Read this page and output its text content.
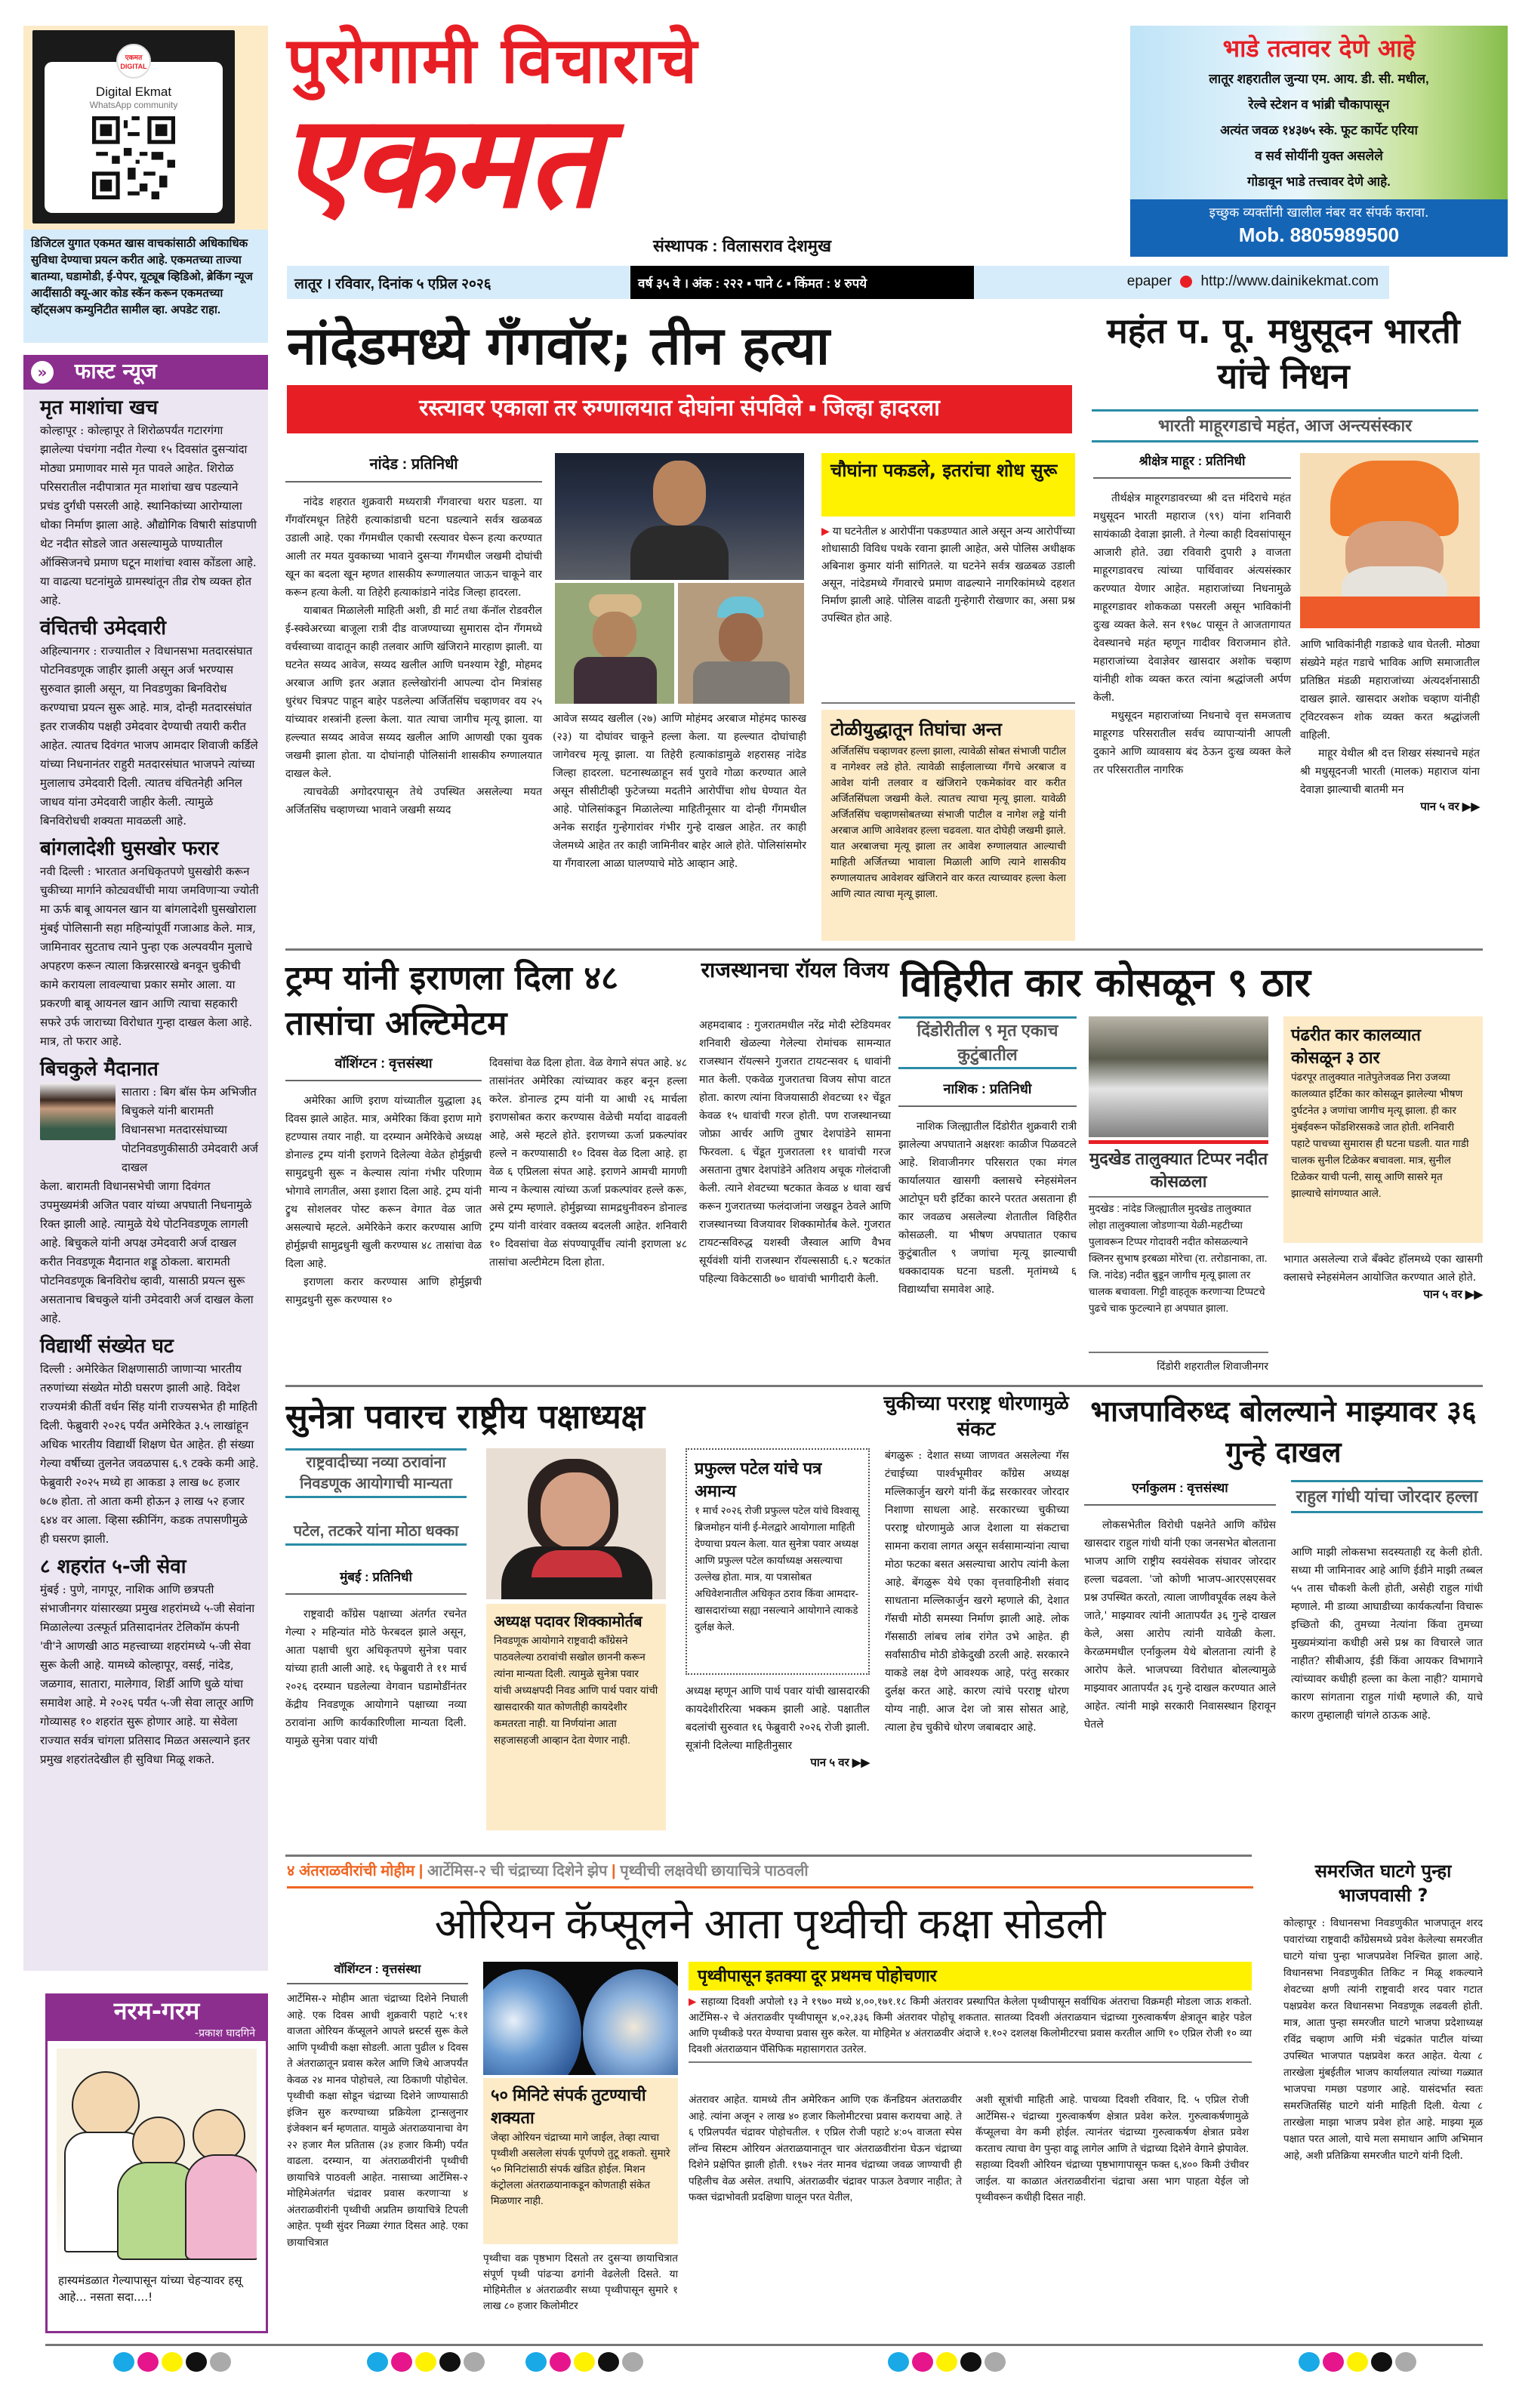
एकमत DIGITAL
Digital Ekmat
WhatsApp community
डिजिटल युगात एकमत खास वाचकांसाठी अधिकाधिक सुविधा देण्याचा प्रयत्न करीत आहे. एकमतच्या ताज्या बातम्या, घडामोडी, ई-पेपर, यूट्यूब व्हिडिओ, ब्रेकिंग न्यूज आदींसाठी क्यू-आर कोड स्कॅन करून एकमतच्या व्हॉट्सअप कम्युनिटीत सामील व्हा. अपडेट राहा.
पुरोगामी विचाराचे
एकमत
संस्थापक : विलासराव देशमुख
भाडे तत्वावर देणे आहे
लातूर शहरातील जुन्या एम. आय. डी. सी. मधील,
रेल्वे स्टेशन व भांब्री चौकापासून
अत्यंत जवळ १४३७५ स्के. फूट कार्पेट एरिया
व सर्व सोयींनी युक्त असलेले
गोडावून भाडे तत्त्वावर देणे आहे.
इच्छुक व्यक्तींनी खालील नंबर वर संपर्क करावा.
Mob. 8805989500
लातूर । रविवार, दिनांक ५ एप्रिल २०२६	वर्ष ३५ वे । अंक : २२२ ▪ पाने ८ ▪ किंमत : ४ रुपये	epaper http://www.dainikekmat.com
» फास्ट न्यूज
मृत माशांचा खच

कोल्हापूर : कोल्हापूर ते शिरोळपर्यंत गटारगंगा झालेल्या पंचगंगा नदीत गेल्या १५ दिवसांत दुसऱ्यांदा मोठ्या प्रमाणावर मासे मृत पावले आहेत. शिरोळ परिसरातील नदीपात्रात मृत माशांचा खच पडल्याने प्रचंड दुर्गंधी पसरली आहे. स्थानिकांच्या आरोग्याला धोका निर्माण झाला आहे. औद्योगिक विषारी सांडपाणी थेट नदीत सोडले जात असल्यामुळे पाण्यातील ऑक्सिजनचे प्रमाण घटून माशांचा श्वास कोंडला आहे. या वाढत्या घटनांमुळे ग्रामस्थांतून तीव्र रोष व्यक्त होत आहे.

वंचितची उमेदवारी

अहिल्यानगर : राज्यातील २ विधानसभा मतदारसंघात पोटनिवडणूक जाहीर झाली असून अर्ज भरण्यास सुरुवात झाली असून, या निवडणुका बिनविरोध करण्याचा प्रयत्न सुरू आहे. मात्र, दोन्ही मतदारसंघांत इतर राजकीय पक्षही उमेदवार देण्याची तयारी करीत आहेत. त्यातच दिवंगत भाजप आमदार शिवाजी कर्डिले यांच्या निधनानंतर राहुरी मतदारसंघात भाजपने त्यांच्या मुलालाच उमेदवारी दिली. त्यातच वंचितनेही अनिल जाधव यांना उमेदवारी जाहीर केली. त्यामुळे बिनविरोधची शक्यता मावळली आहे.

बांगलादेशी घुसखोर फरार

नवी दिल्ली : भारतात अनधिकृतपणे घुसखोरी करून चुकीच्या मार्गाने कोट्यवधींची माया जमविणाऱ्या ज्योती मा ऊर्फ बाबू आयनल खान या बांगलादेशी घुसखोराला मुंबई पोलिसानी सहा महिन्यांपूर्वी गजाआड केले. मात्र, जामिनावर सुटताच त्याने पुन्हा एक अल्पवयीन मुलाचे अपहरण करून त्याला किन्नरसारखे बनवून चुकीची कामे करायला लावल्याचा प्रकार समोर आला. या प्रकरणी बाबू आयनल खान आणि त्याचा सहकारी सफरे उर्फ जाराच्या विरोधात गुन्हा दाखल केला आहे. मात्र, तो फरार आहे.

बिचकुले मैदानात

सातारा : बिग बॉस फेम अभिजीत बिचुकले यांनी बारामती विधानसभा मतदारसंघाच्या पोटनिवडणुकीसाठी उमेदवारी अर्ज दाखल

केला. बारामती विधानसभेची जागा दिवंगत उपमुख्यमंत्री अजित पवार यांच्या अपघाती निधनामुळे रिक्त झाली आहे. त्यामुळे येथे पोटनिवडणूक लागली आहे. बिचुकले यांनी अपक्ष उमेदवारी अर्ज दाखल करीत निवडणूक मैदानात शड्डू ठोकला. बारामती पोटनिवडणूक बिनविरोध व्हावी, यासाठी प्रयत्न सुरू असतानाच बिचकुले यांनी उमेदवारी अर्ज दाखल केला आहे.

विद्यार्थी संख्येत घट

दिल्ली : अमेरिकेत शिक्षणासाठी जाणाऱ्या भारतीय तरुणांच्या संख्येत मोठी घसरण झाली आहे. विदेश राज्यमंत्री कीर्ती वर्धन सिंह यांनी राज्यसभेत ही माहिती दिली. फेब्रुवारी २०२६ पर्यंत अमेरिकेत ३.५ लाखांहून अधिक भारतीय विद्यार्थी शिक्षण घेत आहेत. ही संख्या गेल्या वर्षीच्या तुलनेत जवळपास ६.९ टक्के कमी आहे. फेब्रुवारी २०२५ मध्ये हा आकडा ३ लाख ७८ हजार ७८७ होता. तो आता कमी होऊन ३ लाख ५२ हजार ६४४ वर आला. व्हिसा स्क्रीनिंग, कडक तपासणीमुळे ही घसरण झाली.

८ शहरांत ५-जी सेवा

मुंबई : पुणे, नागपूर, नाशिक आणि छत्रपती संभाजीनगर यांसारख्या प्रमुख शहरांमध्ये ५-जी सेवांना मिळालेल्या उत्स्फूर्त प्रतिसादानंतर टेलिकॉम कंपनी 'वी'ने आणखी आठ महत्त्वाच्या शहरांमध्ये ५-जी सेवा सुरू केली आहे. यामध्ये कोल्हापूर, वसई, नांदेड, जळगाव, सातारा, मालेगाव, शिर्डी आणि धुळे यांचा समावेश आहे. मे २०२६ पर्यंत ५-जी सेवा लातूर आणि गोव्यासह १० शहरांत सुरू होणार आहे. या सेवेला राज्यात सर्वत्र चांगला प्रतिसाद मिळत असल्याने इतर प्रमुख शहरांतदेखील ही सुविधा मिळू शकते.

नरम-गरम
-प्रकाश घादगिने
हास्यमंडळात गेल्यापासून यांच्या चेहऱ्यावर हसू आहे... नसता सदा....!
नांदेडमध्ये गँगवॉर; तीन हत्या
रस्त्यावर एकाला तर रुग्णालयात दोघांना संपविले ▪ जिल्हा हादरला
नांदेड : प्रतिनिधी

नांदेड शहरात शुक्रवारी मध्यरात्री गँगवारचा थरार घडला. या गँगवॉरमधून तिहेरी हत्याकांडाची घटना घडल्याने सर्वत्र खळबळ उडाली आहे. एका गँगमधील एकाची रस्त्यावर घेरून हत्या करण्यात आली तर मयत युवकाच्या भावाने दुसऱ्या गँगमधील जखमी दोघांची खून का बदला खून म्हणत शासकीय रूग्णालयात जाऊन चाकूने वार करून हत्या केली. या तिहेरी हत्याकांडाने नांदेड जिल्हा हादरला.

याबाबत मिळालेली माहिती अशी, डी मार्ट तथा कॅनॉल रोडवरील ई-स्क्वेअरच्या बाजूला रात्री दीड वाजण्याच्या सुमारास दोन गँगमध्ये वर्चस्वाच्या वादातून काही तलवार आणि खंजिराने मारहाण झाली. या घटनेत सय्यद आवेज, सय्यद खलील आणि घनश्याम रेड्डी, मोहमद अरबाज आणि इतर अज्ञात हल्लेखोरांनी आपल्या दोन मित्रांसह धुरंधर चित्रपट पाहून बाहेर पडलेल्या अर्जितसिंघ चव्हाणवर वय २५ यांच्यावर शस्त्रांनी हल्ला केला. यात त्याचा जागीच मृत्यू झाला. या हल्ल्यात सय्यद आवेज सय्यद खलील आणि आणखी एका युवक जखमी झाला होता. या दोघांनाही पोलिसांनी शासकीय रुग्णालयात दाखल केले.

त्याचवेळी अगोदरपासून तेथे उपस्थित असलेल्या मयत अर्जितसिंघ चव्हाणच्या भावाने जखमी सय्यद

आवेज सय्यद खलील (२७) आणि मोहंमद अरबाज मोहंमद फारुख (२३) या दोघांवर चाकूने हल्ला केला. या हल्ल्यात दोघांचाही जागेवरच मृत्यू झाला. या तिहेरी हत्याकांडामुळे शहरासह नांदेड जिल्हा हादरला. घटनास्थळाहून सर्व पुरावे गोळा करण्यात आले असून सीसीटीव्ही फुटेजच्या मदतीने आरोपींचा शोध घेण्यात येत आहे. पोलिसांकडून मिळालेल्या माहितीनूसार या दोन्ही गँगमधील अनेक सराईत गुन्हेगारांवर गंभीर गुन्हे दाखल आहेत. तर काही जेलमध्ये आहेत तर काही जामिनीवर बाहेर आले होते. पोलिसांसमोर या गँगवारला आळा घालण्याचे मोठे आव्हान आहे.

चौघांना पकडले, इतरांचा शोध सुरू

▶ या घटनेतील ४ आरोपींना पकडण्यात आले असून अन्य आरोपींच्या शोधासाठी विविध पथके रवाना झाली आहेत, असे पोलिस अधीक्षक अबिनाश कुमार यांनी सांगितले. या घटनेने सर्वत्र खळबळ उडाली असून, नांदेडमध्ये गँगवारचे प्रमाण वाढल्याने नागरिकांमध्ये दहशत निर्माण झाली आहे. पोलिस वाढती गुन्हेगारी रोखणार का, असा प्रश्न उपस्थित होत आहे.

टोळीयुद्धातून तिघांचा अन्त

अर्जितसिंघ चव्हाणवर हल्ला झाला, त्यावेळी सोबत संभाजी पाटील व नागेश्वर लडे होते. त्यावेळी साईलालाच्या गँगचे अरबाज व आवेश यांनी तलवार व खंजिराने एकमेकांवर वार करीत अर्जितसिंघला जखमी केले. त्यातच त्याचा मृत्यू झाला. यावेळी अर्जितसिंघ चव्हाणसोबतच्या संभाजी पाटील व नागेश लड्डे यांनी अरबाज आणि आवेशवर हल्ला चढवला. यात दोघेही जखमी झाले. यात अरबाजचा मृत्यू झाला तर आवेश रुग्णालयात आल्याची माहिती अर्जितच्या भावाला मिळाली आणि त्याने शासकीय रुग्णालयातच आवेशवर खंजिराने वार करत त्याच्यावर हल्ला केला आणि त्यात त्याचा मृत्यू झाला.

महंत प. पू. मधुसूदन भारती यांचे निधन
भारती माहूरगडाचे महंत, आज अन्त्यसंस्कार
श्रीक्षेत्र माहूर : प्रतिनिधी

तीर्थक्षेत्र माहूरगडावरच्या श्री दत्त मंदिराचे महंत मधुसूदन भारती महाराज (९९) यांना शनिवारी सायंकाळी देवाज्ञा झाली. ते गेल्या काही दिवसांपासून आजारी होते. उद्या रविवारी दुपारी ३ वाजता माहूरगडावरच त्यांच्या पार्थिवावर अंत्यसंस्कार करण्यात येणार आहेत. महाराजांच्या निधनामुळे माहूरगडावर शोककळा पसरली असून भाविकांनी दुःख व्यक्त केले. सन १९७८ पासून ते आजतागायत देवस्थानचे महंत म्हणून गादीवर विराजमान होते. महाराजांच्या देवाज्ञेवर खासदार अशोक चव्हाण यांनीही शोक व्यक्त करत त्यांना श्रद्धांजली अर्पण केली.

मधुसूदन महाराजांच्या निधनाचे वृत्त समजताच माहूरगड परिसरातील सर्वच व्यापाऱ्यांनी आपली दुकाने आणि व्यावसाय बंद ठेऊन दुःख व्यक्त केले तर परिसरातील नागरिक

आणि भाविकांनीही गडाकडे धाव घेतली. मोठ्या संख्येने महंत गडाचे भाविक आणि समाजातील प्रतिष्ठित मंडळी महाराजांच्या अंत्यदर्शनासाठी दाखल झाले. खासदार अशोक चव्हाण यांनीही ट्विटरवरून शोक व्यक्त करत श्रद्धांजली वाहिली.

माहूर येथील श्री दत्त शिखर संस्थानचे महंत श्री मधुसूदनजी भारती (मालक) महाराज यांना देवाज्ञा झाल्याची बातमी मन

पान ५ वर ▶▶
ट्रम्प यांनी इराणला दिला ४८ तासांचा अल्टिमेटम
वॉशिंग्टन : वृत्तसंस्था

अमेरिका आणि इराण यांच्यातील युद्धाला ३६ दिवस झाले आहेत. मात्र, अमेरिका किंवा इराण मागे हटण्यास तयार नाही. या दरम्यान अमेरिकेचे अध्यक्ष डोनाल्ड ट्रम्प यांनी इराणने दिलेल्या वेळेत होर्मुझची सामुद्रधुनी सुरू न केल्यास त्यांना गंभीर परिणाम भोगावे लागतील, असा इशारा दिला आहे. ट्रम्प यांनी ट्रुथ सोशलवर पोस्ट करून वेगात वेळ जात असल्याचे म्हटले. अमेरिकेने करार करण्यास आणि होर्मुझची सामुद्रधुनी खुली करण्यास ४८ तासांचा वेळ दिला आहे.

इराणला करार करण्यास आणि होर्मुझची सामुद्रधुनी सुरू करण्यास १०

दिवसांचा वेळ दिला होता. वेळ वेगाने संपत आहे. ४८ तासांनंतर अमेरिका त्यांच्यावर कहर बनून हल्ला करेल. डोनाल्ड ट्रम्प यांनी या आधी २६ मार्चला इराणसोबत करार करण्यास वेळेची मर्यादा वाढवली आहे, असे म्हटले होते. इराणच्या ऊर्जा प्रकल्पांवर हल्ले न करण्यासाठी १० दिवस वेळ दिला आहे. हा वेळ ६ एप्रिलला संपत आहे. इराणने आमची मागणी मान्य न केल्यास त्यांच्या ऊर्जा प्रकल्पांवर हल्ले करू, असे ट्रम्प म्हणाले. होर्मुझच्या सामद्रधुनीवरुन डोनाल्ड ट्रम्प यांनी वारंवार वक्तव्य बदलली आहेत. शनिवारी १० दिवसांचा वेळ संपण्यापूर्वीच त्यांनी इराणला ४८ तासांचा अल्टीमेटम दिला होता.

राजस्थानचा रॉयल विजय

अहमदाबाद : गुजरातमधील नरेंद्र मोदी स्टेडियमवर शनिवारी खेळल्या गेलेल्या रोमांचक सामन्यात राजस्थान रॉयल्सने गुजरात टायटन्सवर ६ धावांनी मात केली. एकवेळ गुजरातचा विजय सोपा वाटत होता. कारण त्यांना विजयासाठी शेवटच्या १२ चेंडूत केवळ १५ धावांची गरज होती. पण राजस्थानच्या जोफ्रा आर्चर आणि तुषार देशपांडेने सामना फिरवला. ६ चेंडूत गुजरातला ११ धावांची गरज असताना तुषार देशपांडेने अतिशय अचूक गोलंदाजी केली. त्याने शेवटच्या षटकात केवळ ४ धावा खर्च करून गुजरातच्या फलंदाजांना जखडून ठेवले आणि राजस्थानच्या विजयावर शिक्कामोर्तब केले. गुजरात टायटन्सविरुद्ध यशस्वी जैस्वाल आणि वैभव सूर्यवंशी यांनी राजस्थान रॉयल्ससाठी ६.२ षटकांत पहिल्या विकेटसाठी ७० धावांची भागीदारी केली.

विहिरीत कार कोसळून ९ ठार
दिंडोरीतील ९ मृत एकाच कुटुंबातील
नाशिक : प्रतिनिधी

नाशिक जिल्ह्यातील दिंडोरीत शुक्रवारी रात्री झालेल्या अपघाताने अक्षरशः काळीज पिळवटले आहे. शिवाजीनगर परिसरात एका मंगल कार्यालयात खासगी क्लासचे स्नेहसंमेलन आटोपून घरी इर्टिका कारने परतत असताना ही कार जवळच असलेल्या शेतातील विहिरीत कोसळली. या भीषण अपघातात एकाच कुटुंबातील ९ जणांचा मृत्यू झाल्याची धक्कादायक घटना घडली. मृतांमध्ये ६ विद्यार्थ्यांचा समावेश आहे.

मुदखेड तालुक्यात टिप्पर नदीत कोसळला

मुदखेड : नांदेड जिल्ह्यातील मुदखेड तालुक्यात लोहा तालुक्याला जोडणाऱ्या येळी-महटीच्या पुलावरून टिप्पर गोदावरी नदीत कोसळल्याने क्लिनर सुभाष इरबळा मोरेचा (रा. तरोडानाका, ता. जि. नांदेड) नदीत बुडून जागीच मृत्यू झाला तर चालक बचावला. गिट्टी वाहतूक करणाऱ्या टिप्पटचे पुढचे चाक फुटल्याने हा अपघात झाला.

दिंडोरी शहरातील शिवाजीनगर

पंढरीत कार कालव्यात कोसळून ३ ठार

पंढरपूर तालुक्यात नातेपुतेजवळ निरा उजव्या कालव्यात इर्टिका कार कोसळून झालेल्या भीषण दुर्घटनेत ३ जणांचा जागीच मृत्यू झाला. ही कार मुंबईवरून फोंडशिरसकडे जात होती. शनिवारी पहाटे पाचच्या सुमारास ही घटना घडली. यात गाडी चालक सुनील टिळेकर बचावला. मात्र, सुनील टिळेकर याची पत्नी, सासू आणि सासरे मृत झाल्याचे सांगण्यात आले.

भागात असलेल्या राजे बँक्वेट हॉलमध्ये एका खासगी क्लासचे स्नेहसंमेलन आयोजित करण्यात आले होते.

पान ५ वर ▶▶
सुनेत्रा पवारच राष्ट्रीय पक्षाध्यक्ष
राष्ट्रवादीच्या नव्या ठरावांना निवडणूक आयोगाची मान्यता
पटेल, तटकरे यांना मोठा धक्का
मुंबई : प्रतिनिधी

राष्ट्रवादी काँग्रेस पक्षाच्या अंतर्गत रचनेत गेल्या २ महिन्यांत मोठे फेरबदल झाले असून, आता पक्षाची धुरा अधिकृतपणे सुनेत्रा पवार यांच्या हाती आली आहे. १६ फेब्रुवारी ते ११ मार्च २०२६ दरम्यान घडलेल्या वेगवान घडामोडींनंतर केंद्रीय निवडणूक आयोगाने पक्षाच्या नव्या ठरावांना आणि कार्यकारिणीला मान्यता दिली. यामुळे सुनेत्रा पवार यांची

अध्यक्ष पदावर शिक्कामोर्तब

निवडणूक आयोगाने राष्ट्रवादी काँग्रेसने पाठवलेल्या ठरावांची सखोल छाननी करून त्यांना मान्यता दिली. त्यामुळे सुनेत्रा पवार यांची अध्यक्षपदी निवड आणि पार्थ पवार यांची खासदारकी यात कोणतीही कायदेशीर कमतरता नाही. या निर्णयांना आता सहजासहजी आव्हान देता येणार नाही.

प्रफुल्ल पटेल यांचे पत्र अमान्य

१ मार्च २०२६ रोजी प्रफुल्ल पटेल यांचे विश्वासू ब्रिजमोहन यांनी ई-मेलद्वारे आयोगाला माहिती देण्याचा प्रयत्न केला. यात सुनेत्रा पवार अध्यक्ष आणि प्रफुल्ल पटेल कार्याध्यक्ष असल्याचा उल्लेख होता. मात्र, या पत्रासोबत अधिवेशनातील अधिकृत ठराव किंवा आमदार-खासदारांच्या सह्या नसल्याने आयोगाने त्याकडे दुर्लक्ष केले.

अध्यक्ष म्हणून आणि पार्थ पवार यांची खासदारकी कायदेशीररित्या भक्कम झाली आहे. पक्षातील बदलांची सुरुवात १६ फेब्रुवारी २०२६ रोजी झाली. सूत्रांनी दिलेल्या माहितीनुसार

पान ५ वर ▶▶
चुकीच्या परराष्ट्र धोरणामुळे संकट

बंगळुरू : देशात सध्या जाणवत असलेल्या गॅस टंचाईच्या पार्श्वभूमीवर काँग्रेस अध्यक्ष मल्लिकार्जुन खरगे यांनी केंद्र सरकारवर जोरदार निशाणा साधला आहे. सरकारच्या चुकीच्या परराष्ट्र धोरणामुळे आज देशाला या संकटाचा सामना करावा लागत असून सर्वसामान्यांना त्याचा मोठा फटका बसत असल्याचा आरोप त्यांनी केला आहे. बेंगळुरू येथे एका वृत्तवाहिनीशी संवाद साधताना मल्लिकार्जुन खरगे म्हणाले की, देशात गॅसची मोठी समस्या निर्माण झाली आहे. लोक गॅससाठी लांबच लांब रांगेत उभे आहेत. ही सर्वांसाठीच मोठी डोकेदुखी ठरली आहे. सरकारने याकडे लक्ष देणे आवश्यक आहे, परंतु सरकार दुर्लक्ष करत आहे. कारण त्यांचे परराष्ट्र धोरण योग्य नाही. आज देश जो त्रास सोसत आहे, त्याला हेच चुकीचे धोरण जबाबदार आहे.

भाजपाविरुध्द बोलल्याने माझ्यावर ३६ गुन्हे दाखल
एर्नाकुलम : वृत्तसंस्था

लोकसभेतील विरोधी पक्षनेते आणि काँग्रेस खासदार राहुल गांधी यांनी एका जनसभेत बोलताना भाजप आणि राष्ट्रीय स्वयंसेवक संघावर जोरदार हल्ला चढवला. 'जो कोणी भाजप-आरएसएसवर प्रश्न उपस्थित करतो, त्याला जाणीवपूर्वक लक्ष्य केले जाते,' माझ्यावर त्यांनी आतापर्यंत ३६ गुन्हे दाखल केले, असा आरोप त्यांनी यावेळी केला. केरळममधील एर्नाकुलम येथे बोलताना त्यांनी हे आरोप केले. भाजपच्या विरोधात बोलल्यामुळे माझ्यावर आतापर्यंत ३६ गुन्हे दाखल करण्यात आले आहेत. त्यांनी माझे सरकारी निवासस्थान हिरावून घेतले

राहुल गांधी यांचा जोरदार हल्ला

आणि माझी लोकसभा सदस्यताही रद्द केली होती. सध्या मी जामिनावर आहे आणि ईडीने माझी तब्बल ५५ तास चौकशी केली होती, असेही राहुल गांधी म्हणाले. मी डाव्या आघाडीच्या कार्यकर्त्यांना विचारू इच्छितो की, तुमच्या नेत्यांना किंवा तुमच्या मुख्यमंत्र्यांना कधीही असे प्रश्न का विचारले जात नाहीत? सीबीआय, ईडी किंवा आयकर विभागाने त्यांच्यावर कधीही हल्ला का केला नाही? यामागचे कारण सांगताना राहुल गांधी म्हणाले की, याचे कारण तुम्हालाही चांगले ठाऊक आहे.

४ अंतराळवीरांची मोहीम | आर्टेमिस-२ ची चंद्राच्या दिशेने झेप | पृथ्वीची लक्षवेधी छायाचित्रे पाठवली
ओरियन कॅप्सूलने आता पृथ्वीची कक्षा सोडली
वॉशिंग्टन : वृत्तसंस्था

आर्टेमिस-२ मोहीम आता चंद्राच्या दिशेने निघाली आहे. एक दिवस आधी शुक्रवारी पहाटे ५:११ वाजता ओरियन कॅप्सूलने आपले थ्रस्टर्स सुरू केले आणि पृथ्वीची कक्षा सोडली. आता पुढील ४ दिवस ते अंतराळातून प्रवास करेल आणि जिथे आजपर्यंत केवळ २४ मानव पोहोचले, त्या ठिकाणी पोहोचेल. पृथ्वीची कक्षा सोडून चंद्राच्या दिशेने जाण्यासाठी इंजिन सुरु करण्याच्या प्रक्रियेला ट्रान्सलुनार इंजेक्शन बर्न म्हणतात. यामुळे अंतराळयानाचा वेग २२ हजार मैल प्रतितास (३४ हजार किमी) पर्यंत वाढला. दरम्यान, या अंतराळवीरांनी पृथ्वीची छायाचित्रे पाठवली आहेत. नासाच्या आर्टेमिस-२ मोहिमेअंतर्गत चंद्रावर प्रवास करणाऱ्या ४ अंतराळवीरांनी पृथ्वीची अप्रतिम छायाचित्रे टिपली आहेत. पृथ्वी सुंदर निळ्या रंगात दिसत आहे. एका छायाचित्रात

५० मिनिटे संपर्क तुटण्याची शक्यता

जेव्हा ओरियन चंद्राच्या मागे जाईल, तेव्हा त्याचा पृथ्वीशी असलेला संपर्क पूर्णपणे तुटू शकतो. सुमारे ५० मिनिटांसाठी संपर्क खंडित होईल. मिशन कंट्रोलला अंतराळयानाकडून कोणताही संकेत मिळणार नाही.

पृथ्वीचा वक्र पृष्ठभाग दिसतो तर दुसऱ्या छायाचित्रात संपूर्ण पृथ्वी पांढऱ्या ढगांनी वेढलेली दिसते. या मोहिमेतील ४ अंतराळवीर सध्या पृथ्वीपासून सुमारे १ लाख ८० हजार किलोमीटर

पृथ्वीपासून इतक्या दूर प्रथमच पोहोचणार

▶ सहाव्या दिवशी अपोलो १३ ने १९७० मध्ये ४,००,१७१.१८ किमी अंतरावर प्रस्थापित केलेला पृथ्वीपासून सर्वाधिक अंतराचा विक्रमही मोडला जाऊ शकतो. आर्टेमिस-२ चे अंतराळवीर पृथ्वीपासून ४,०२,३३६ किमी अंतरावर पोहोचू शकतात. सातव्या दिवशी अंतराळयान चंद्राच्या गुरुत्वाकर्षण क्षेत्रातून बाहेर पडेल आणि पृथ्वीकडे परत येण्याचा प्रवास सुरु करेल. या मोहिमेत ४ अंतराळवीर अंदाजे १.१०२ दशलक्ष किलोमीटरचा प्रवास करतील आणि १० एप्रिल रोजी १० व्या दिवशी अंतराळयान पॅसिफिक महासागरात उतरेल.

अंतरावर आहेत. यामध्ये तीन अमेरिकन आणि एक कॅनडियन अंतराळवीर आहे. त्यांना अजून २ लाख ४० हजार किलोमीटरचा प्रवास करायचा आहे. ते ६ एप्रिलपर्यंत चंद्रावर पोहोचतील. १ एप्रिल रोजी पहाटे ४:०५ वाजता स्पेस लॉन्च सिस्टम ओरियन अंतराळयानातून चार अंतराळवीरांना घेऊन चंद्राच्या दिशेने प्रक्षेपित झाली होती. १९७२ नंतर मानव चंद्राच्या जवळ जाण्याची ही पहिलीच वेळ असेल. तथापि, अंतराळवीर चंद्रावर पाऊल ठेवणार नाहीत; ते फक्त चंद्राभोवती प्रदक्षिणा घालून परत येतील,

अशी सूत्रांची माहिती आहे. पाचव्या दिवशी रविवार, दि. ५ एप्रिल रोजी आर्टेमिस-२ चंद्राच्या गुरुत्वाकर्षण क्षेत्रात प्रवेश करेल. गुरुत्वाकर्षणामुळे कॅप्सूलचा वेग कमी होईल. त्यानंतर चंद्राच्या गुरुत्वाकर्षण क्षेत्रात प्रवेश करताच त्याचा वेग पुन्हा वाढू लागेल आणि ते चंद्राच्या दिशेने वेगाने झेपावेल. सहाव्या दिवशी ओरियन चंद्राच्या पृष्ठभागापासून फक्त ६,४०० किमी उंचीवर जाईल. या काळात अंतराळवीरांना चंद्राचा असा भाग पाहता येईल जो पृथ्वीवरून कधीही दिसत नाही.

समरजित घाटगे पुन्हा भाजपवासी ?

कोल्हापूर : विधानसभा निवडणुकीत भाजपातून शरद पवारांच्या राष्ट्रवादी काँग्रेसमध्ये प्रवेश केलेल्या समरजीत घाटगे यांचा पुन्हा भाजपप्रवेश निश्चित झाला आहे. विधानसभा निवडणुकीत तिकिट न मिळू शकल्याने शेवटच्या क्षणी त्यांनी राष्ट्रवादी शरद पवार गटात पक्षप्रवेश करत विधानसभा निवडणूक लढवली होती. मात्र, आता पुन्हा समरजीत घाटगे भाजपा प्रदेशाध्यक्ष रविंद्र चव्हाण आणि मंत्री चंद्रकांत पाटील यांच्या उपस्थित भाजपात पक्षप्रवेश करत आहेत. येत्या ८ तारखेला मुंबईतील भाजप कार्यालयात त्यांच्या गळ्यात भाजपचा गमछा पडणार आहे. यासंदर्भात स्वतः समरजितसिंह घाटगे यांनी माहिती दिली. येत्या ८ तारखेला माझा भाजप प्रवेश होत आहे. माझ्या मूळ पक्षात परत आलो, याचे मला समाधान आणि अभिमान आहे, अशी प्रतिक्रिया समरजीत घाटगे यांनी दिली.
